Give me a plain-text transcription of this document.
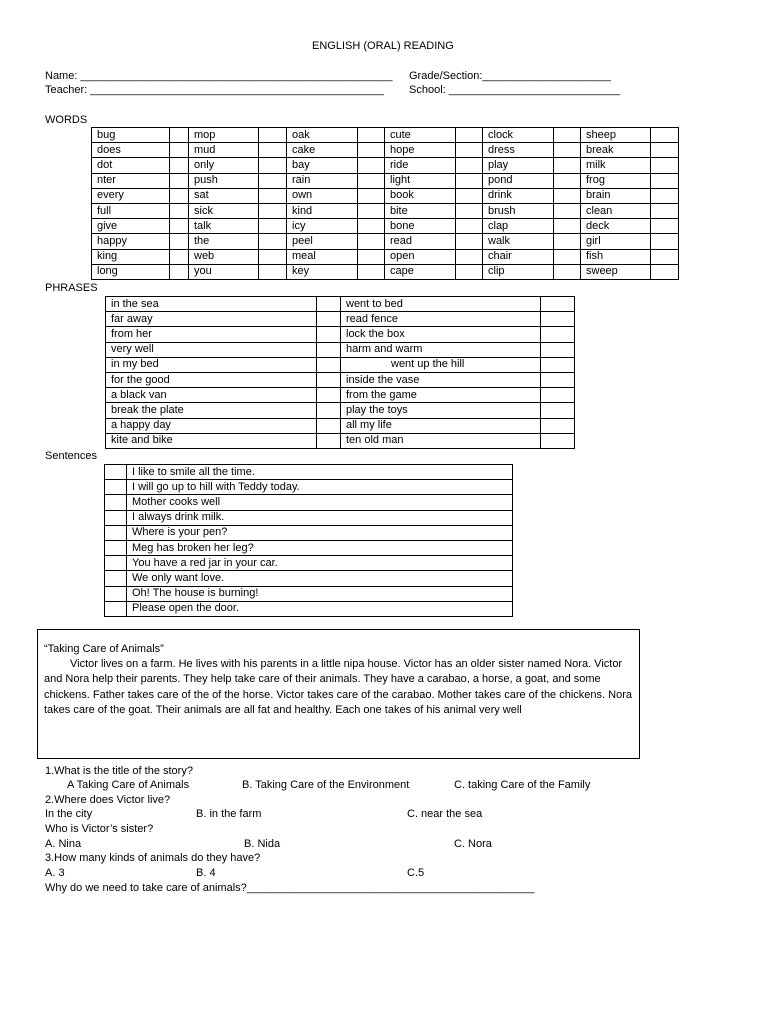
ENGLISH (ORAL) READING
Name: ___________________________________________________ Grade/Section:_____________________
Teacher: ________________________________________________ School: ____________________________
WORDS
bug		mop		oak		cute		clock		sheep	
does		mud		cake		hope		dress		break	
dot		only		bay		ride		play		milk	
nter		push		rain		light		pond		frog	
every		sat		own		book		drink		brain	
full		sick		kind		bite		brush		clean	
give		talk		icy		bone		clap		deck	
happy		the		peel		read		walk		girl	
king		web		meal		open		chair		fish	
long		you		key		cape		clip		sweep	
PHRASES
in the sea		went to bed	
far away		read fence	
from her		lock the box	
very well		harm and warm	
in my bed		went up the hill	
for the good		inside the vase	
a black van		from the game	
break the plate		play the toys	
a happy day		all my life	
kite and bike		ten old man	
Sentences
	I like to smile all the time.
	I will go up to hill with Teddy today.
	Mother cooks well
	I always drink milk.
	Where is your pen?
	Meg has broken her leg?
	You have a red jar in your car.
	We only want love.
	Oh! The house is burning!
	Please open the door.

“Taking Care of Animals”

Victor lives on a farm. He lives with his parents in a little nipa house. Victor has an older sister named Nora. Victor and Nora help their parents. They help take care of their animals. They have a carabao, a horse, a goat, and some chickens. Father takes care of the of the horse. Victor takes care of the carabao. Mother takes care of the chickens. Nora takes care of the goat. Their animals are all fat and healthy. Each one takes of his animal very well

1.What is the title of the story?
A Taking Care of Animals	B. Taking Care of the Environment	C. taking Care of the Family
2.Where does Victor live?
In the city	B. in the farm	C. near the sea
Who is Victor’s sister?
A. Nina	B. Nida	C. Nora
3.How many kinds of animals do they have?
A. 3	B. 4	C.5
Why do we need to take care of animals?_______________________________________________
